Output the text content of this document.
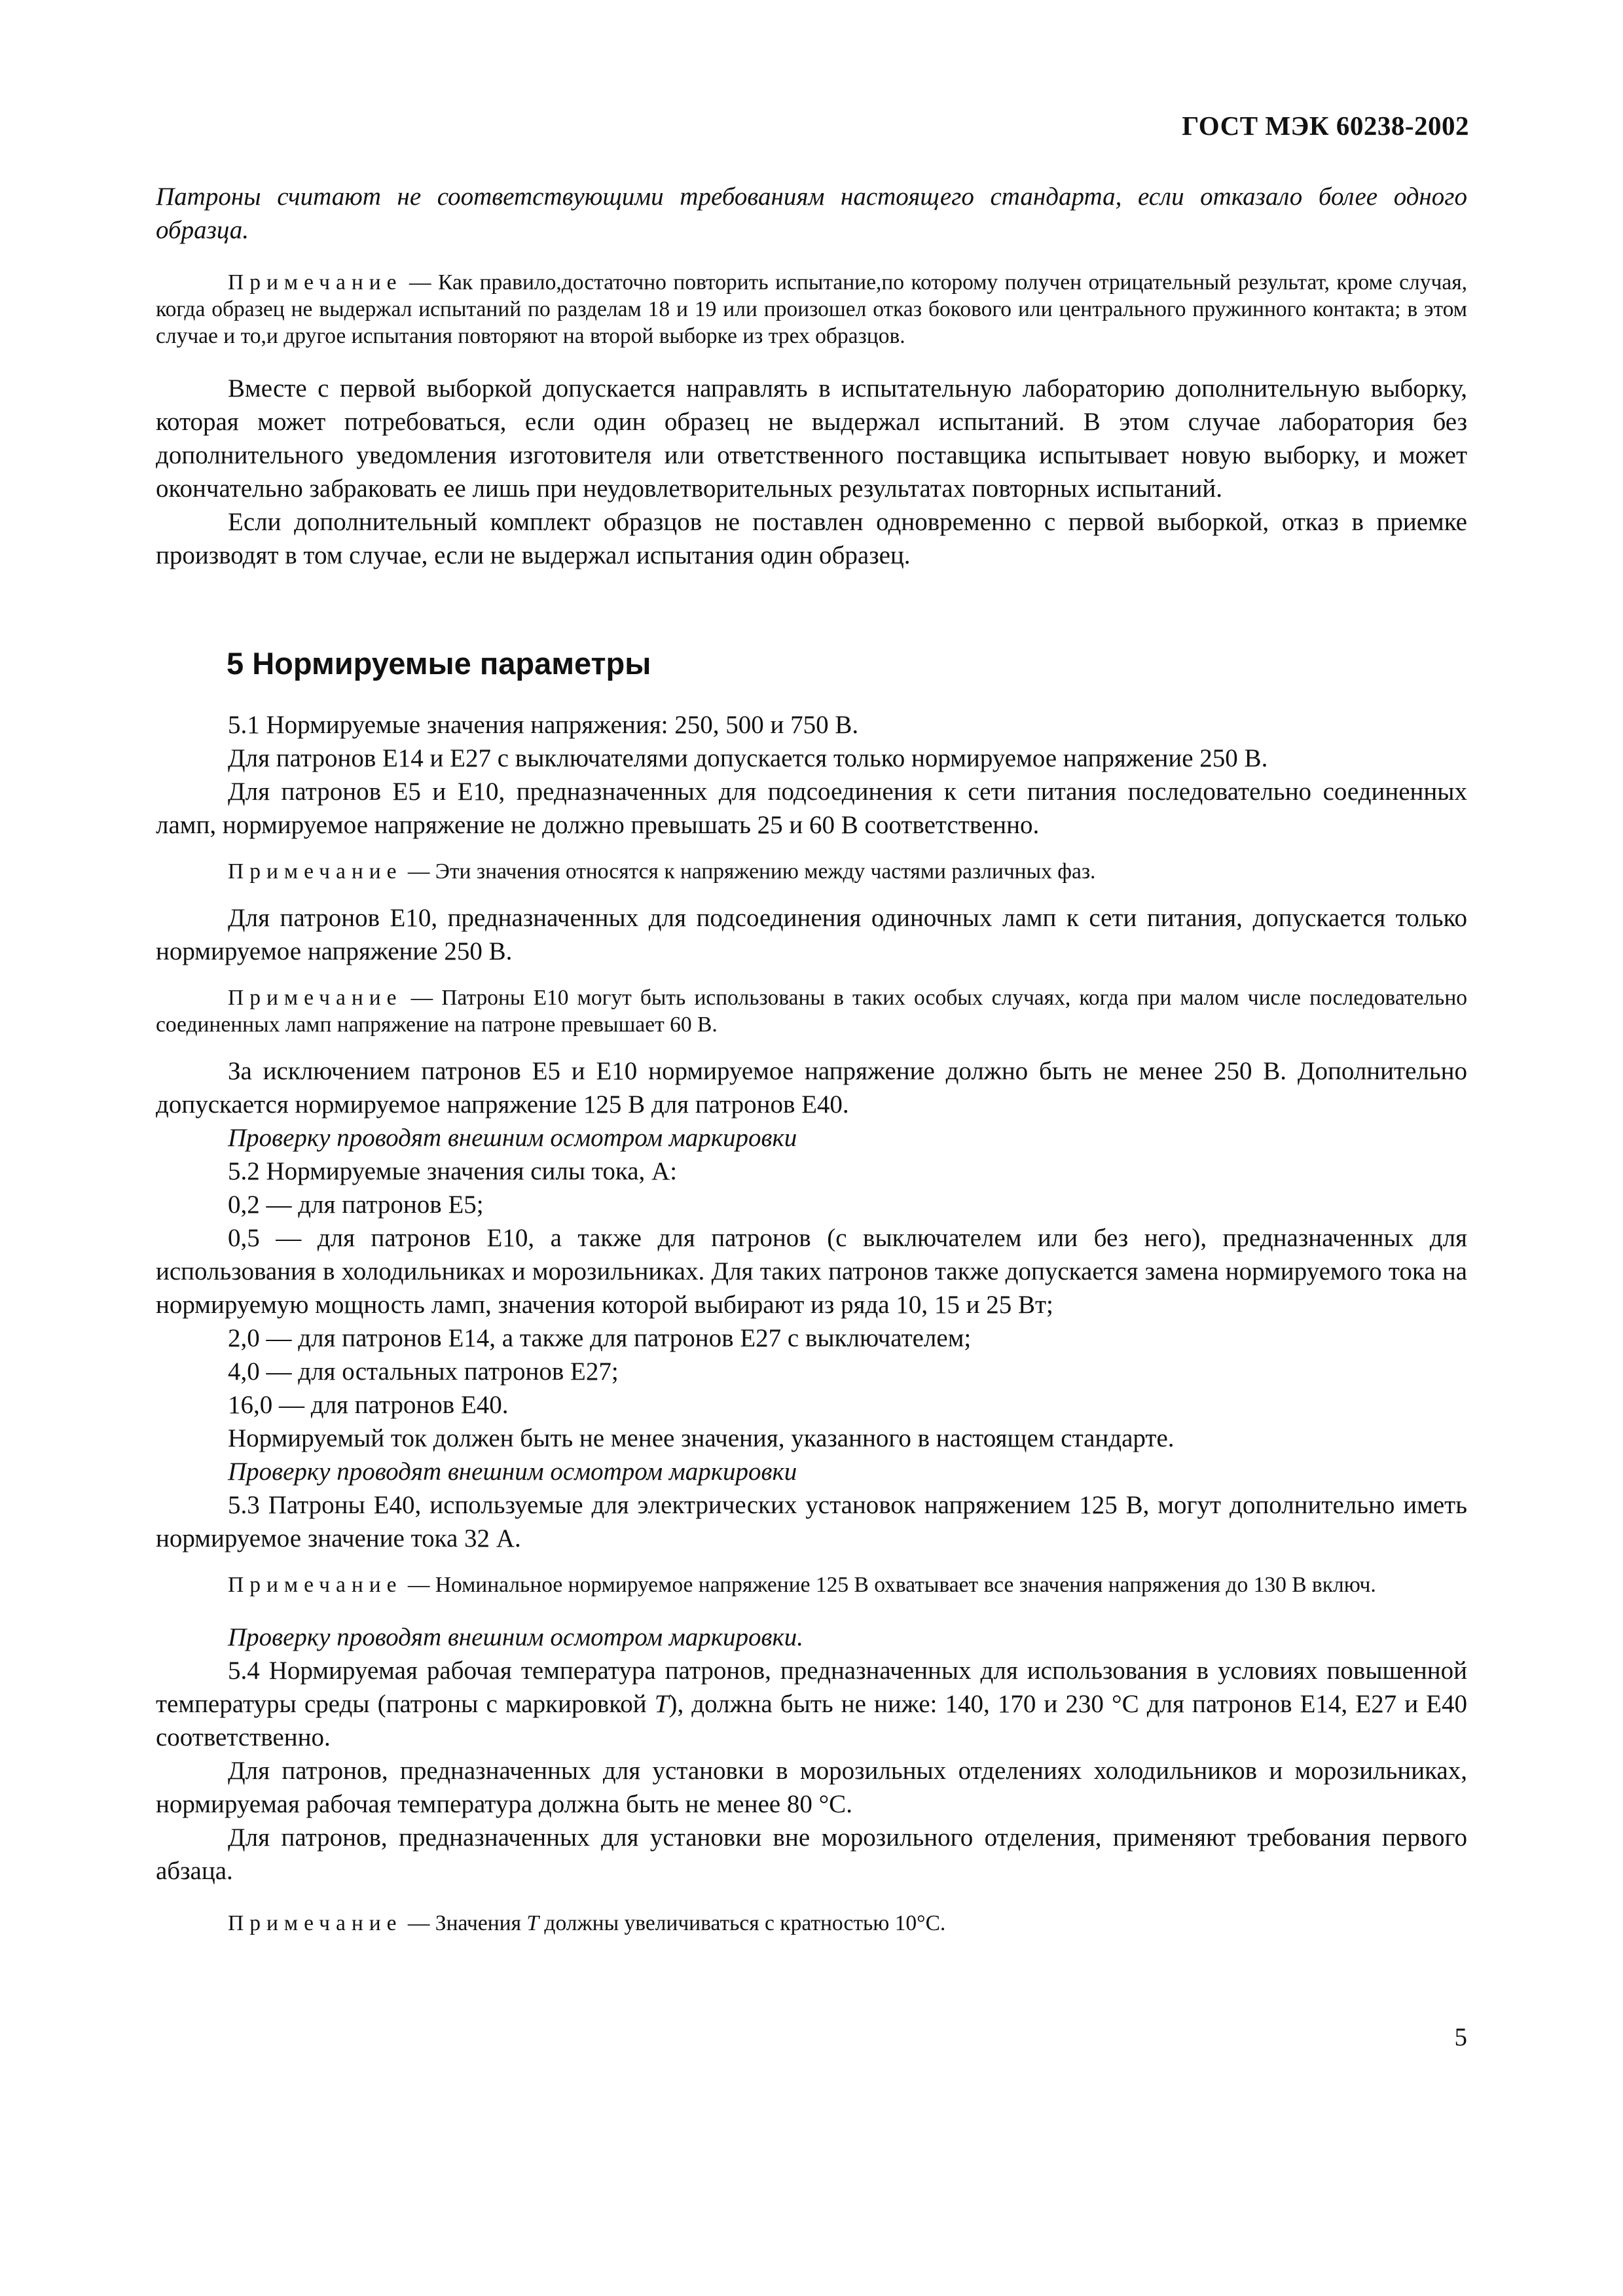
ГОСТ МЭК 60238-2002

Патроны считают не соответствующими требованиям настоящего стандарта, если отказало более одного образца.

Примечание — Как правило,достаточно повторить испытание,по которому получен отрицательный результат, кроме случая, когда образец не выдержал испытаний по разделам 18 и 19 или произошел отказ бокового или центрального пружинного контакта; в этом случае и то,и другое испытания повторяют на второй выборке из трех образцов.

Вместе с первой выборкой допускается направлять в испытательную лабораторию дополнительную выборку, которая может потребоваться, если один образец не выдержал испытаний. В этом случае лаборатория без дополнительного уведомления изготовителя или ответственного поставщика испытывает новую выборку, и может окончательно забраковать ее лишь при неудовлетворительных результатах повторных испытаний.

Если дополнительный комплект образцов не поставлен одновременно с первой выборкой, отказ в приемке производят в том случае, если не выдержал испытания один образец.

5 Нормируемые параметры

5.1 Нормируемые значения напряжения: 250, 500 и 750 В.

Для патронов Е14 и Е27 с выключателями допускается только нормируемое напряжение 250 В.

Для патронов Е5 и Е10, предназначенных для подсоединения к сети питания последовательно соединенных ламп, нормируемое напряжение не должно превышать 25 и 60 В соответственно.

Примечание — Эти значения относятся к напряжению между частями различных фаз.

Для патронов Е10, предназначенных для подсоединения одиночных ламп к сети питания, допускается только нормируемое напряжение 250 В.

Примечание — Патроны Е10 могут быть использованы в таких особых случаях, когда при малом числе последовательно соединенных ламп напряжение на патроне превышает 60 В.

За исключением патронов Е5 и Е10 нормируемое напряжение должно быть не менее 250 В. Дополнительно допускается нормируемое напряжение 125 В для патронов Е40.

Проверку проводят внешним осмотром маркировки

5.2 Нормируемые значения силы тока, А:

0,2 — для патронов Е5;

0,5 — для патронов Е10, а также для патронов (с выключателем или без него), предназначенных для использования в холодильниках и морозильниках. Для таких патронов также допускается замена нормируемого тока на нормируемую мощность ламп, значения которой выбирают из ряда 10, 15 и 25 Вт;

2,0 — для патронов Е14, а также для патронов Е27 с выключателем;

4,0 — для остальных патронов Е27;

16,0 — для патронов Е40.

Нормируемый ток должен быть не менее значения, указанного в настоящем стандарте.

Проверку проводят внешним осмотром маркировки

5.3 Патроны Е40, используемые для электрических установок напряжением 125 В, могут дополнительно иметь нормируемое значение тока 32 А.

Примечание — Номинальное нормируемое напряжение 125 В охватывает все значения напряжения до 130 В включ.

Проверку проводят внешним осмотром маркировки.

5.4 Нормируемая рабочая температура патронов, предназначенных для использования в условиях повышенной температуры среды (патроны с маркировкой T), должна быть не ниже: 140, 170 и 230 °С для патронов Е14, Е27 и Е40 соответственно.

Для патронов, предназначенных для установки в морозильных отделениях холодильников и морозильниках, нормируемая рабочая температура должна быть не менее 80 °С.

Для патронов, предназначенных для установки вне морозильного отделения, применяют требования первого абзаца.

Примечание — Значения T должны увеличиваться с кратностью 10°С.

5
